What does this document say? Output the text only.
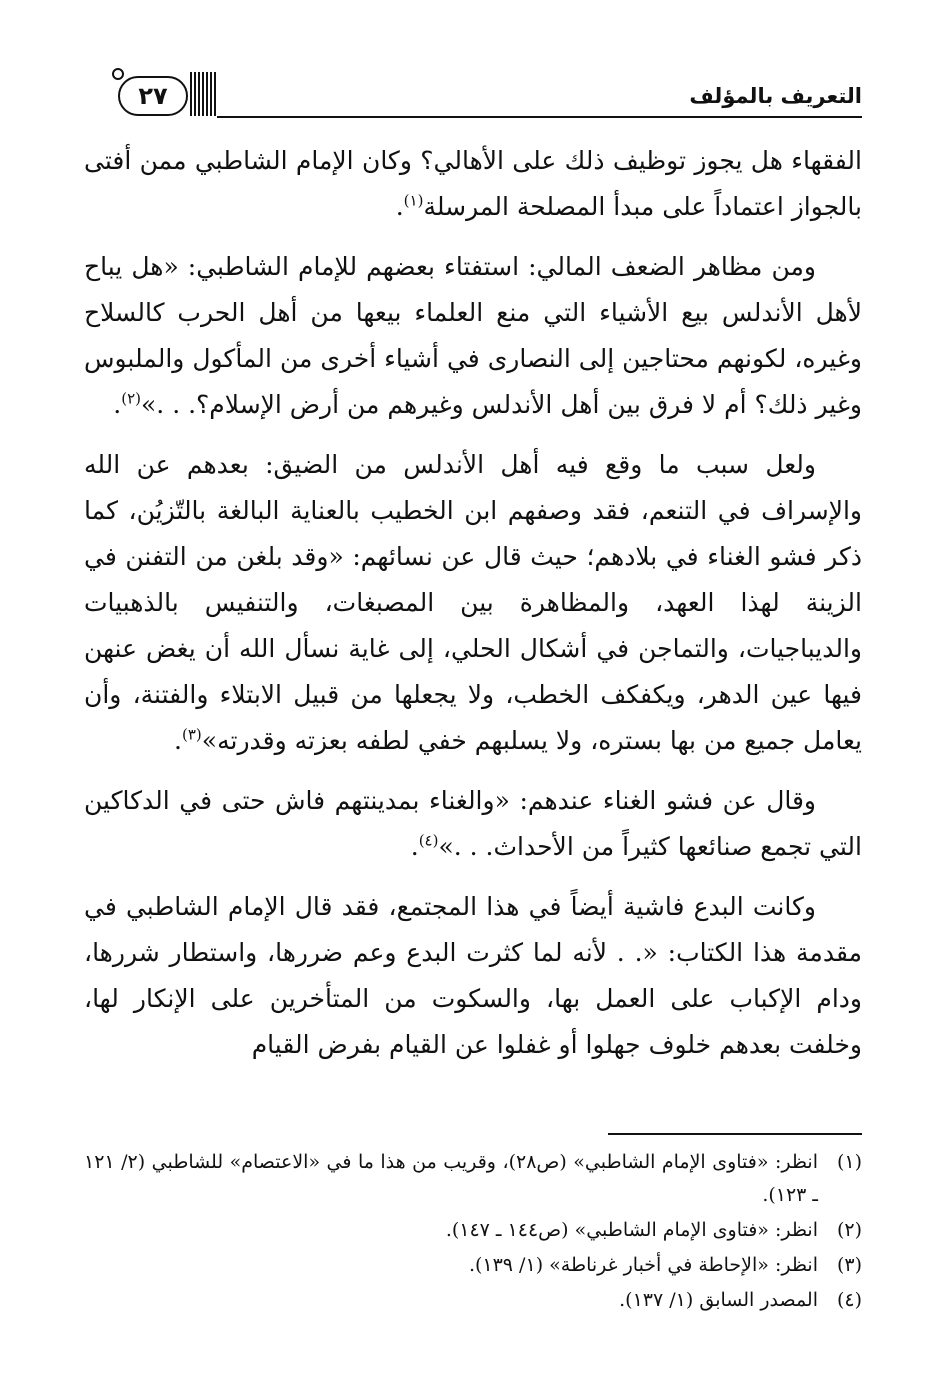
التعريف بالمؤلف
٢٧

الفقهاء هل يجوز توظيف ذلك على الأهالي؟ وكان الإمام الشاطبي ممن أفتى بالجواز اعتماداً على مبدأ المصلحة المرسلة$^{(١)}$.

ومن مظاهر الضعف المالي: استفتاء بعضهم للإمام الشاطبي: «هل يباح لأهل الأندلس بيع الأشياء التي منع العلماء بيعها من أهل الحرب كالسلاح وغيره، لكونهم محتاجين إلى النصارى في أشياء أخرى من المأكول والملبوس وغير ذلك؟ أم لا فرق بين أهل الأندلس وغيرهم من أرض الإسلام؟. . .»$^{(٢)}$.

ولعل سبب ما وقع فيه أهل الأندلس من الضيق: بعدهم عن الله والإسراف في التنعم، فقد وصفهم ابن الخطيب بالعناية البالغة بالتّزيُن، كما ذكر فشو الغناء في بلادهم؛ حيث قال عن نسائهم: «وقد بلغن من التفنن في الزينة لهذا العهد، والمظاهرة بين المصبغات، والتنفيس بالذهبيات والديباجيات، والتماجن في أشكال الحلي، إلى غاية نسأل الله أن يغض عنهن فيها عين الدهر، ويكفكف الخطب، ولا يجعلها من قبيل الابتلاء والفتنة، وأن يعامل جميع من بها بستره، ولا يسلبهم خفي لطفه بعزته وقدرته»$^{(٣)}$.

وقال عن فشو الغناء عندهم: «والغناء بمدينتهم فاش حتى في الدكاكين التي تجمع صنائعها كثيراً من الأحداث. . .»$^{(٤)}$.

وكانت البدع فاشية أيضاً في هذا المجتمع، فقد قال الإمام الشاطبي في مقدمة هذا الكتاب: «. . لأنه لما كثرت البدع وعم ضررها، واستطار شررها، ودام الإكباب على العمل بها، والسكوت من المتأخرين على الإنكار لها، وخلفت بعدهم خلوف جهلوا أو غفلوا عن القيام بفرض القيام

(١)
انظر: «فتاوى الإمام الشاطبي» (ص٢٨)، وقريب من هذا ما في «الاعتصام» للشاطبي (٢/ ١٢١ ـ ١٢٣).
(٢)
انظر: «فتاوى الإمام الشاطبي» (ص١٤٤ ـ ١٤٧).
(٣)
انظر: «الإحاطة في أخبار غرناطة» (١/ ١٣٩).
(٤)
المصدر السابق (١/ ١٣٧).
